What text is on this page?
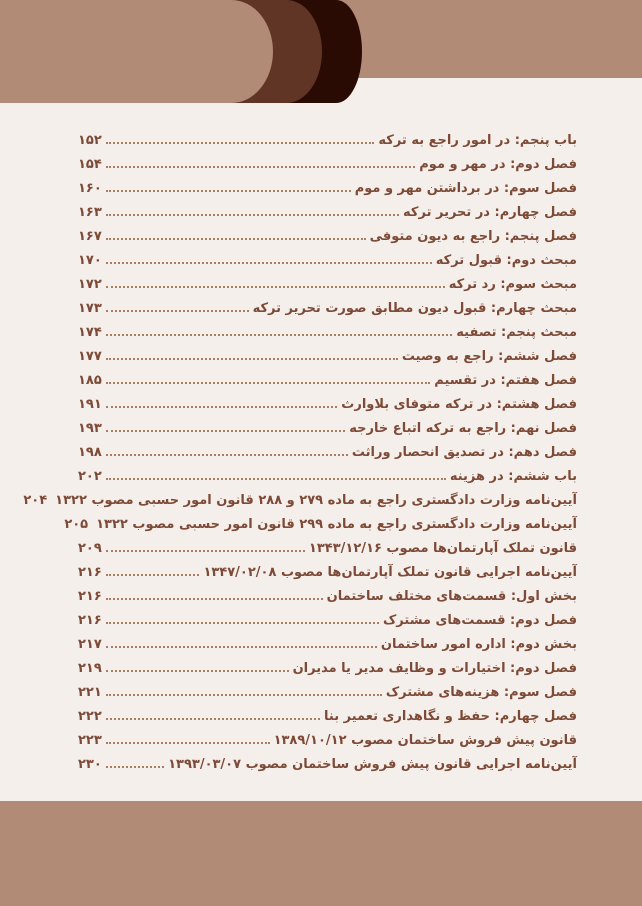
باب پنجم: در امور راجع به ترکه
۱۵۲
فصل دوم: در مهر و موم
۱۵۴
فصل سوم: در برداشتن مهر و موم
۱۶۰
فصل چهارم: در تحریر ترکه
۱۶۳
فصل پنجم: راجع به دیون متوفی
۱۶۷
مبحث دوم: قبول ترکه
۱۷۰
مبحث سوم: رد ترکه
۱۷۲
مبحث چهارم: قبول دیون مطابق صورت تحریر ترکه
۱۷۳
مبحث پنجم: تصفیه
۱۷۴
فصل ششم: راجع به وصیت
۱۷۷
فصل هفتم: در تقسیم
۱۸۵
فصل هشتم: در ترکه متوفای بلاوارث
۱۹۱
فصل نهم: راجع به ترکه اتباع خارجه
۱۹۳
فصل دهم: در تصدیق انحصار وراثت
۱۹۸
باب ششم: در هزینه
۲۰۲
آیین‌نامه وزارت دادگستری راجع به ماده ۲۷۹ و ۲۸۸ قانون امور حسبی مصوب ۱۳۲۲
۲۰۴
آیین‌نامه وزارت دادگستری راجع به ماده ۲۹۹ قانون امور حسبی مصوب ۱۳۲۲
۲۰۵
قانون تملک آپارتمان‌ها مصوب ۱۳۴۳/۱۲/۱۶
۲۰۹
آیین‌نامه اجرایی قانون تملک آپارتمان‌ها مصوب ۱۳۴۷/۰۲/۰۸
۲۱۶
بخش اول: قسمت‌های مختلف ساختمان
۲۱۶
فصل دوم: قسمت‌های مشترک
۲۱۶
بخش دوم: اداره امور ساختمان
۲۱۷
فصل دوم: اختیارات و وظایف مدیر یا مدیران
۲۱۹
فصل سوم: هزینه‌های مشترک
۲۲۱
فصل چهارم: حفظ و نگاهداری تعمیر بنا
۲۲۲
قانون پیش فروش ساختمان مصوب ۱۳۸۹/۱۰/۱۲
۲۲۳
آیین‌نامه اجرایی قانون پیش فروش ساختمان مصوب ۱۳۹۳/۰۳/۰۷
۲۳۰
